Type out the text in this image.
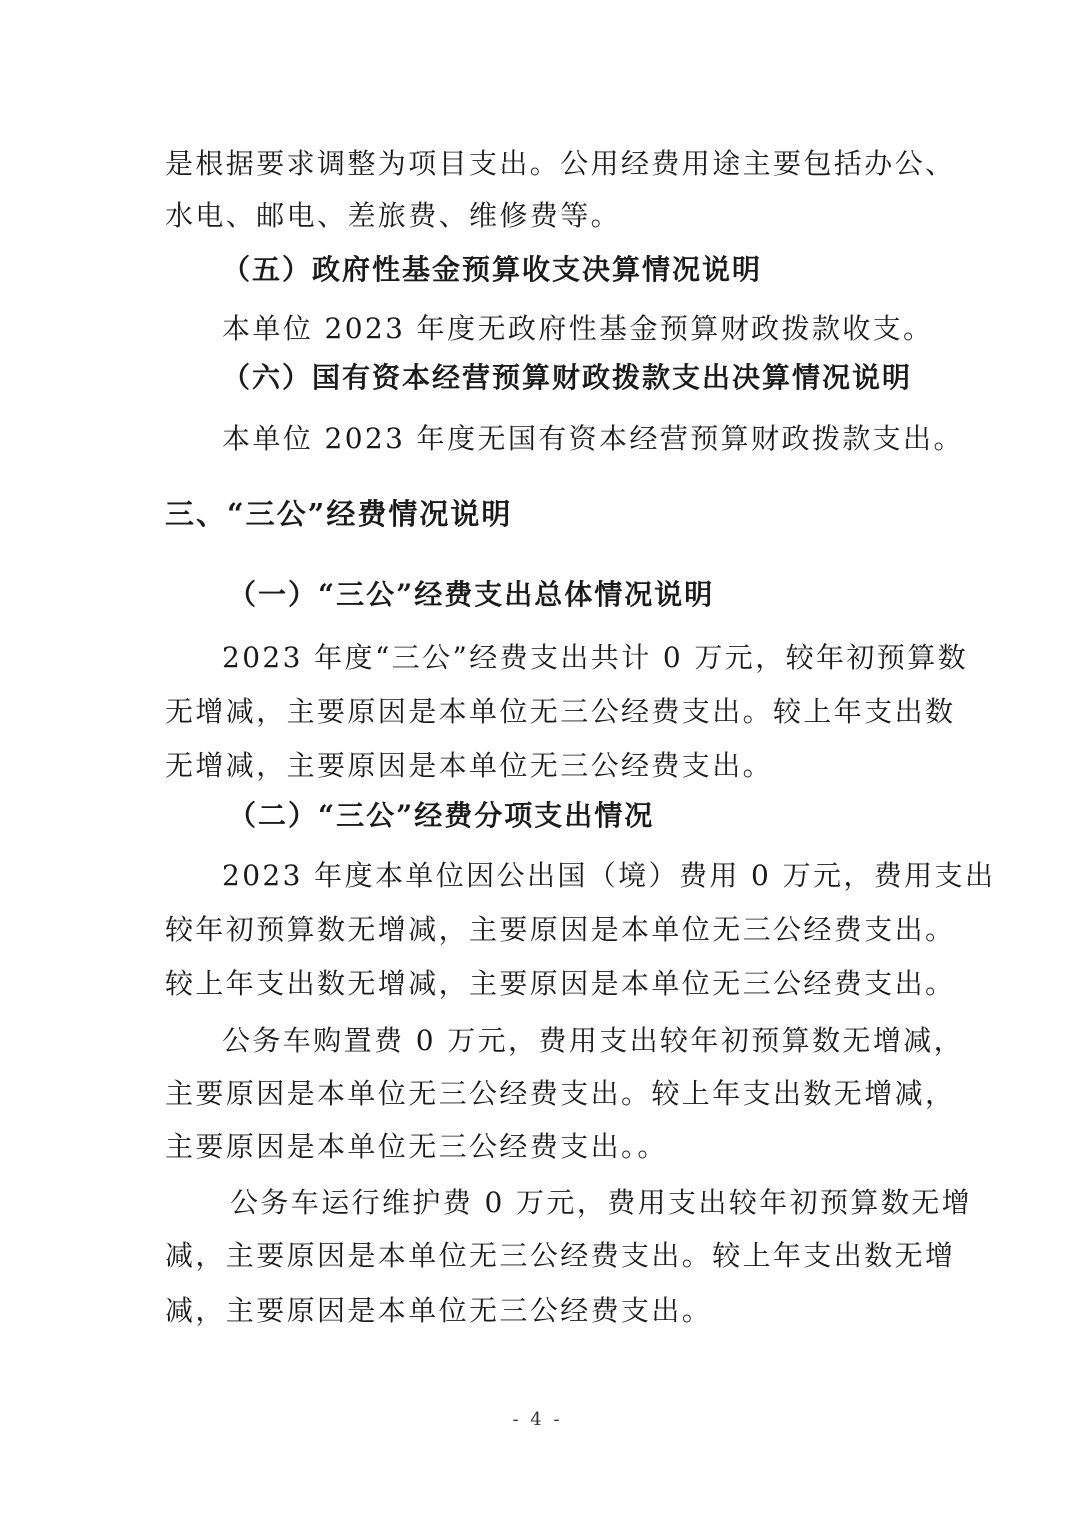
是根据要求调整为项目支出。公用经费用途主要包括办公、
水电、邮电、差旅费、维修费等。
（五）政府性基金预算收支决算情况说明
本单位 2023 年度无政府性基金预算财政拨款收支。
（六）国有资本经营预算财政拨款支出决算情况说明
本单位 2023 年度无国有资本经营预算财政拨款支出。
三、“三公”经费情况说明
（一）“三公”经费支出总体情况说明
2023 年度“三公”经费支出共计 0 万元，较年初预算数
无增减，主要原因是本单位无三公经费支出。较上年支出数
无增减，主要原因是本单位无三公经费支出。
（二）“三公”经费分项支出情况
2023 年度本单位因公出国（境）费用 0 万元，费用支出
较年初预算数无增减，主要原因是本单位无三公经费支出。
较上年支出数无增减，主要原因是本单位无三公经费支出。
公务车购置费 0 万元，费用支出较年初预算数无增减，
主要原因是本单位无三公经费支出。较上年支出数无增减，
主要原因是本单位无三公经费支出。。
公务车运行维护费 0 万元，费用支出较年初预算数无增
减，主要原因是本单位无三公经费支出。较上年支出数无增
减，主要原因是本单位无三公经费支出。
- 4 -
